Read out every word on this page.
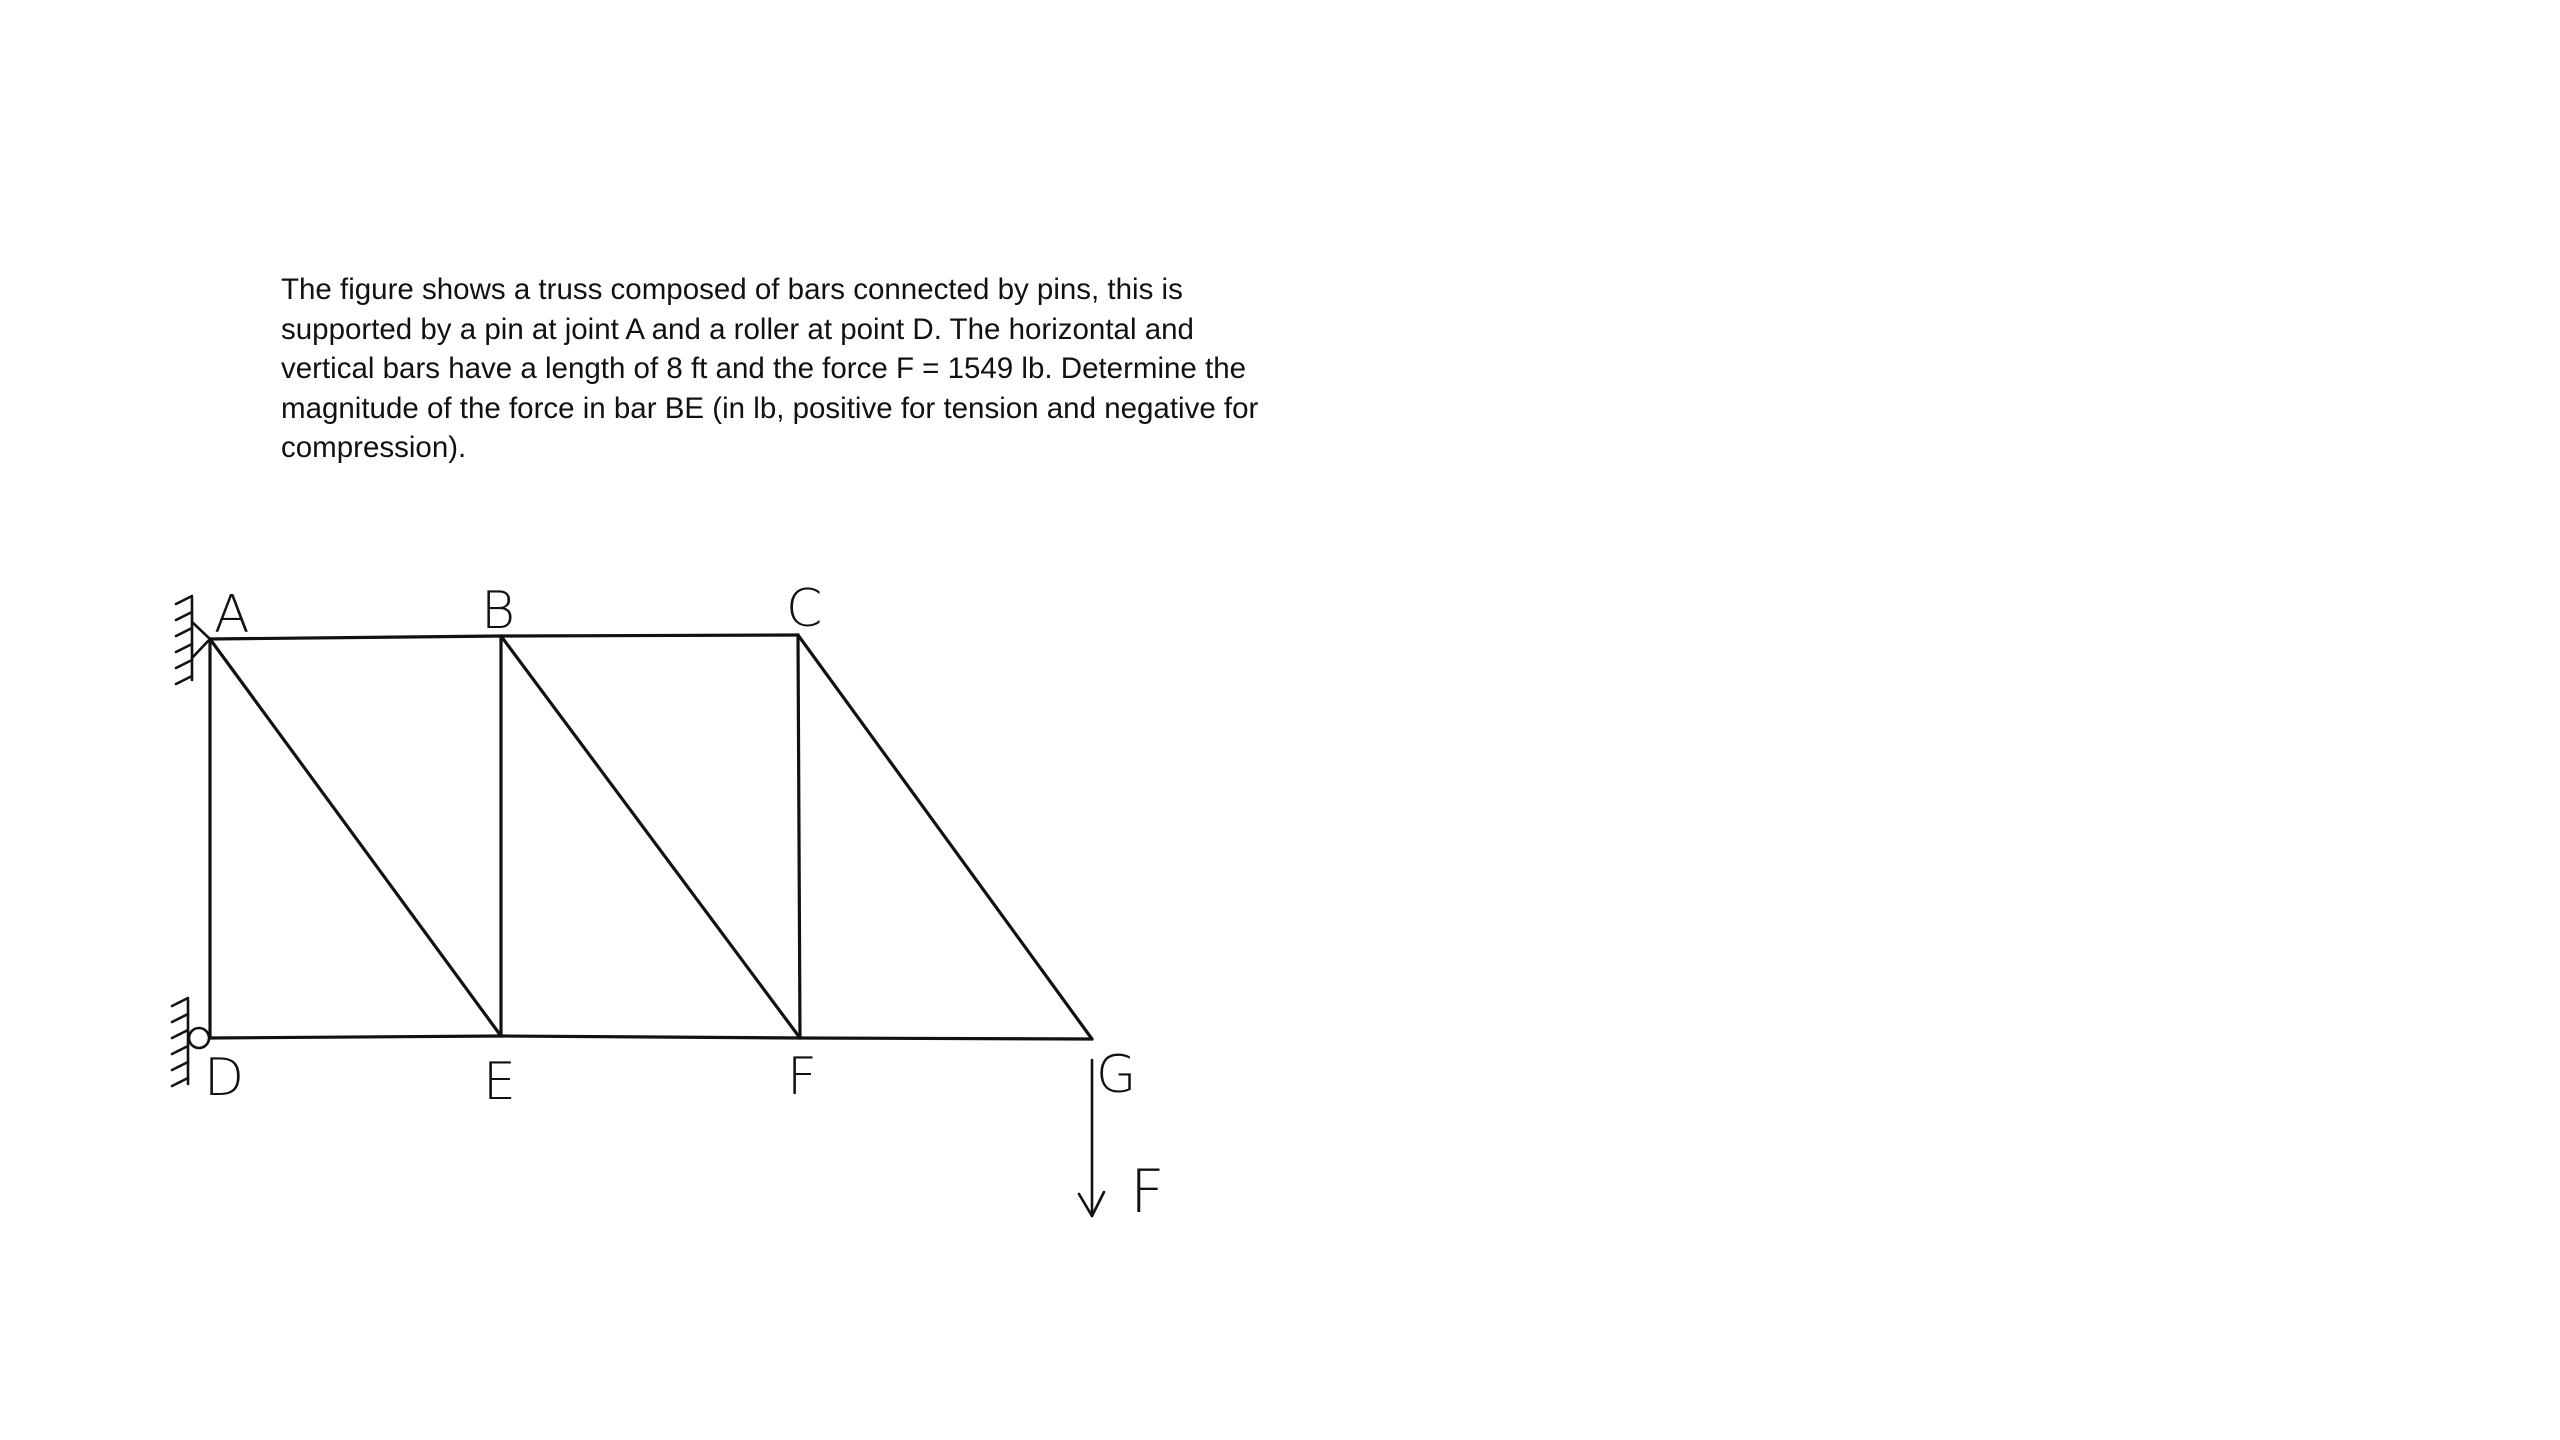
The figure shows a truss composed of bars connected by pins, this is supported by a pin at joint A and a roller at point D. The horizontal and vertical bars have a length of 8 ft and the force F = 1549 lb. Determine the magnitude of the force in bar BE (in lb, positive for tension and negative for compression).

A	B	C
D	E	F	G
F
